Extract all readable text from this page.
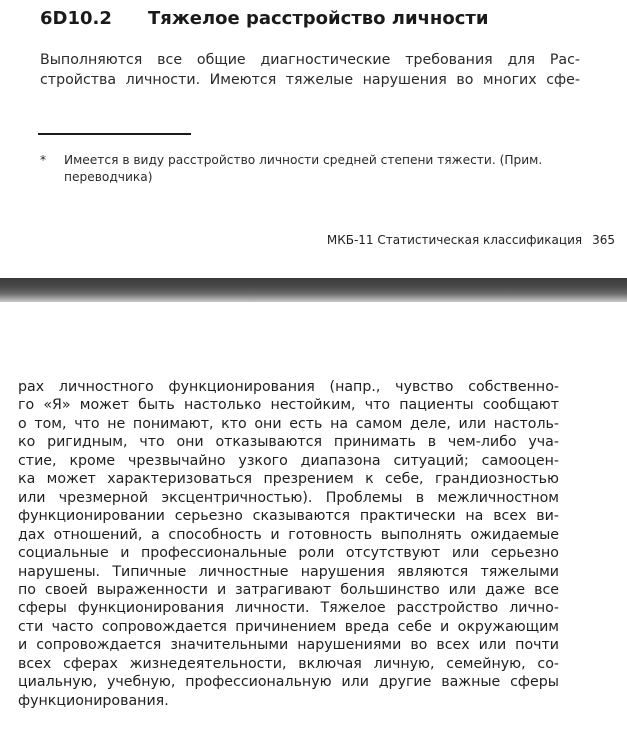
6D10.2 Тяжелое расстройство личности
Выполняются все общие диагностические требования для Рас-
стройства личности. Имеются тяжелые нарушения во многих сфе-
* Имеется в виду расстройство личности средней степени тяжести. (Прим. переводчика)
МКБ-11 Статистическая классификация 365
рах личностного функционирования (напр., чувство собственно-
го «Я» может быть настолько нестойким, что пациенты сообщают
о том, что не понимают, кто они есть на самом деле, или настоль-
ко ригидным, что они отказываются принимать в чем-либо уча-
стие, кроме чрезвычайно узкого диапазона ситуаций; самооцен-
ка может характеризоваться презрением к себе, грандиозностью
или чрезмерной эксцентричностью). Проблемы в межличностном
функционировании серьезно сказываются практически на всех ви-
дах отношений, а способность и готовность выполнять ожидаемые
социальные и профессиональные роли отсутствуют или серьезно
нарушены. Типичные личностные нарушения являются тяжелыми
по своей выраженности и затрагивают большинство или даже все
сферы функционирования личности. Тяжелое расстройство лично-
сти часто сопровождается причинением вреда себе и окружающим
и сопровождается значительными нарушениями во всех или почти
всех сферах жизнедеятельности, включая личную, семейную, со-
циальную, учебную, профессиональную или другие важные сферы
функционирования.
